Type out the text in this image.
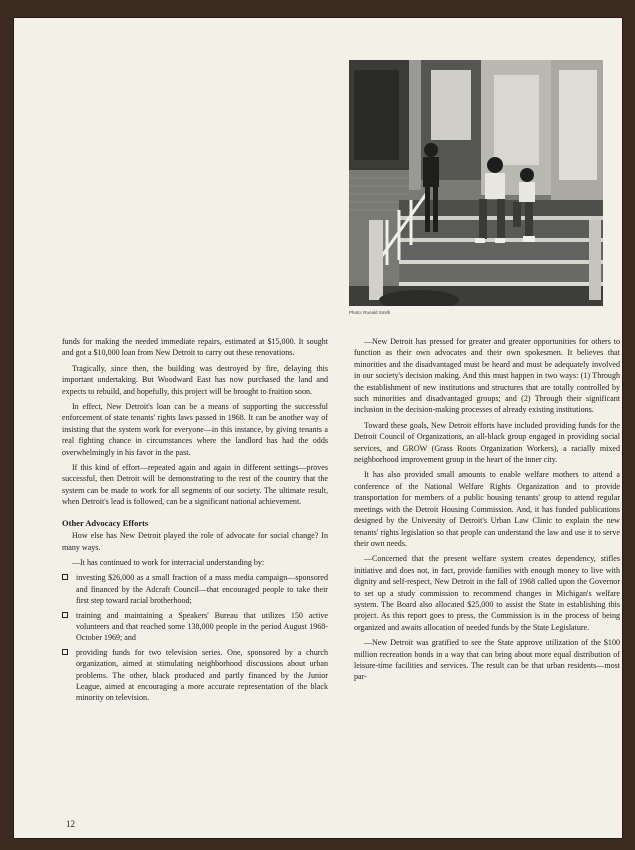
Photo: Ronald Smith

funds for making the needed immediate repairs, estimated at $15,000. It sought and got a $10,000 loan from New Detroit to carry out these renovations.

Tragically, since then, the building was destroyed by fire, delaying this important undertaking. But Woodward East has now purchased the land and expects to rebuild, and hopefully, this project will be brought to fruition soon.

In effect, New Detroit's loan can be a means of supporting the successful enforcement of state tenants' rights laws passed in 1968. It can be another way of insisting that the system work for everyone—in this instance, by giving tenants a real fighting chance in circumstances where the landlord has had the odds overwhelmingly in his favor in the past.

If this kind of effort—repeated again and again in different settings—proves successful, then Detroit will be demonstrating to the rest of the country that the system can be made to work for all segments of our society. The ultimate result, when Detroit's lead is followed, can be a significant national achievement.

Other Advocacy Efforts

How else has New Detroit played the role of advocate for social change? In many ways.

—It has continued to work for interracial understanding by:

investing $26,000 as a small fraction of a mass media campaign—sponsored and financed by the Adcraft Council—that encouraged people to take their first step toward racial brotherhood;
training and maintaining a Speakers' Bureau that utilizes 150 active volunteers and that reached some 138,000 people in the period August 1968-October 1969; and
providing funds for two television series. One, sponsored by a church organization, aimed at stimulating neighborhood discussions about urban problems. The other, black produced and partly financed by the Junior League, aimed at encouraging a more accurate representation of the black minority on television.

—New Detroit has pressed for greater and greater opportunities for others to function as their own advocates and their own spokesmen. It believes that minorities and the disadvantaged must be heard and must be adequately involved in our society's decision making. And this must happen in two ways: (1) Through the establishment of new institutions and structures that are totally controlled by such minorities and disadvantaged groups; and (2) Through their significant inclusion in the decision-making processes of already existing institutions.

Toward these goals, New Detroit efforts have included providing funds for the Detroit Council of Organizations, an all-black group engaged in providing social services, and GROW (Grass Roots Organization Workers), a racially mixed neighborhood improvement group in the heart of the inner city.

It has also provided small amounts to enable welfare mothers to attend a conference of the National Welfare Rights Organization and to provide transportation for members of a public housing tenants' group to attend regular meetings with the Detroit Housing Commission. And, it has funded publications designed by the University of Detroit's Urban Law Clinic to explain the new tenants' rights legislation so that people can understand the law and use it to serve their own needs.

—Concerned that the present welfare system creates dependency, stifles initiative and does not, in fact, provide families with enough money to live with dignity and self-respect, New Detroit in the fall of 1968 called upon the Governor to set up a study commission to recommend changes in Michigan's welfare system. The Board also allocated $25,000 to assist the State in establishing this project. As this report goes to press, the Commission is in the process of being organized and awaits allocation of needed funds by the State Legislature.

—New Detroit was gratified to see the State approve utilization of the $100 million recreation bonds in a way that can bring about more equal distribution of leisure-time facilities and services. The result can be that urban residents—most par-

12
